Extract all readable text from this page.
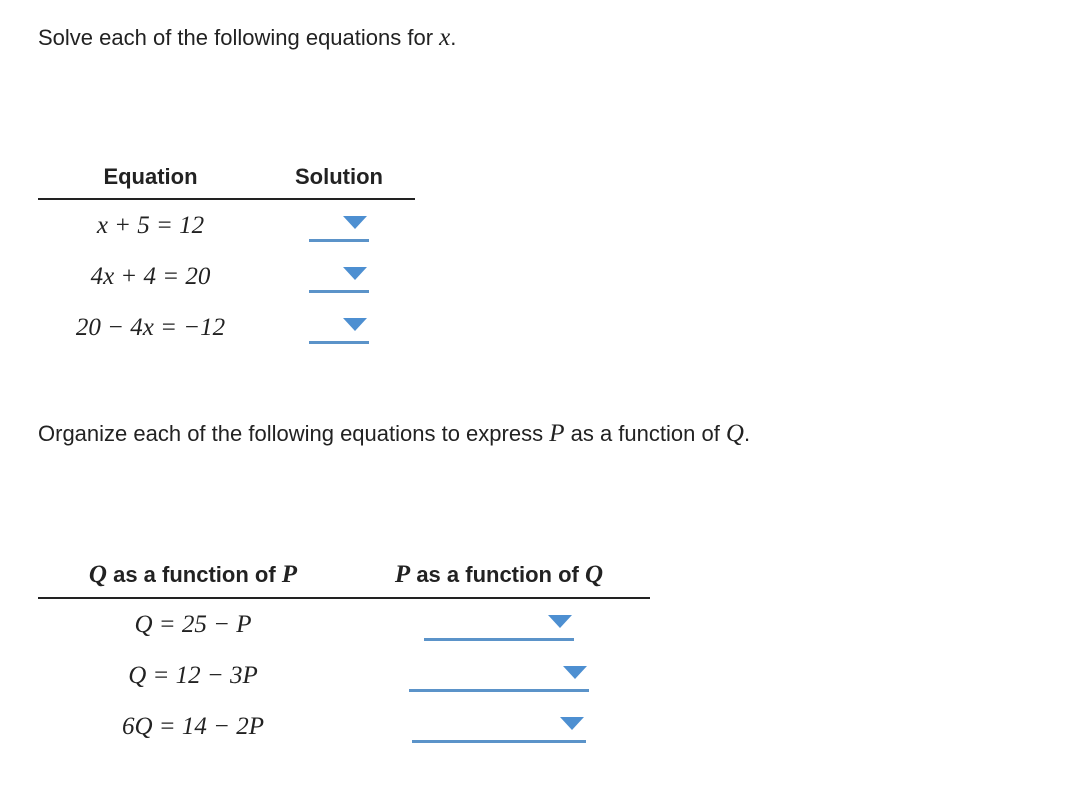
Solve each of the following equations for x.

Equation	Solution
x + 5 = 12	

4x + 4 = 20	

20 − 4x = −12	

Organize each of the following equations to express P as a function of Q.

Q as a function of P	P as a function of Q
Q = 25 − P	

Q = 12 − 3P	

6Q = 14 − 2P	
